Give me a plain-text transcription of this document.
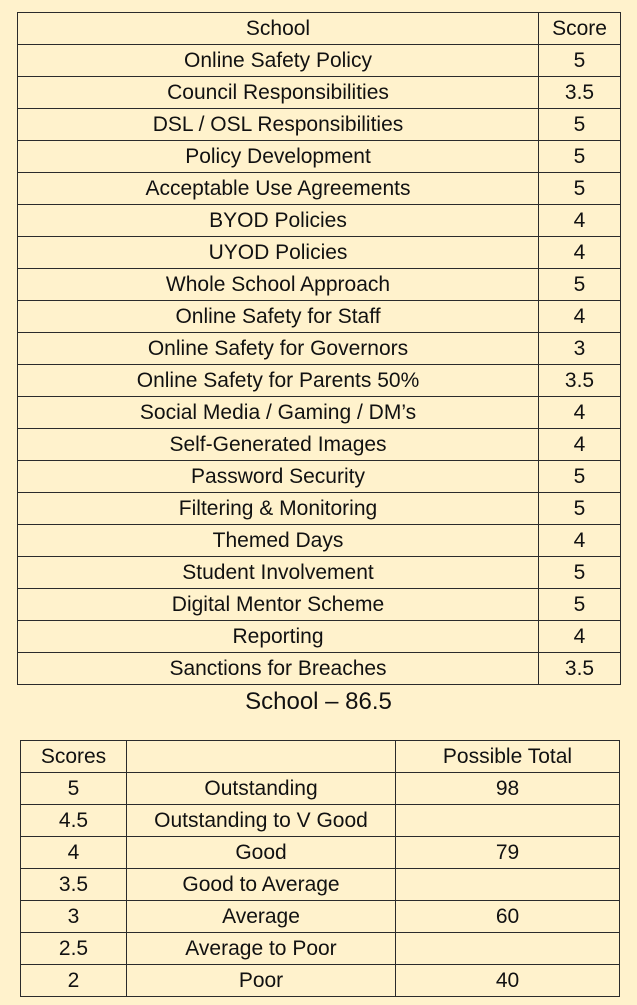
School	Score
Online Safety Policy	5
Council Responsibilities	3.5
DSL / OSL Responsibilities	5
Policy Development	5
Acceptable Use Agreements	5
BYOD Policies	4
UYOD Policies	4
Whole School Approach	5
Online Safety for Staff	4
Online Safety for Governors	3
Online Safety for Parents 50%	3.5
Social Media / Gaming / DM’s	4
Self-Generated Images	4
Password Security	5
Filtering & Monitoring	5
Themed Days	4
Student Involvement	5
Digital Mentor Scheme	5
Reporting	4
Sanctions for Breaches	3.5
School – 86.5
Scores		Possible Total
5	Outstanding	98
4.5	Outstanding to V Good	
4	Good	79
3.5	Good to Average	
3	Average	60
2.5	Average to Poor	
2	Poor	40
